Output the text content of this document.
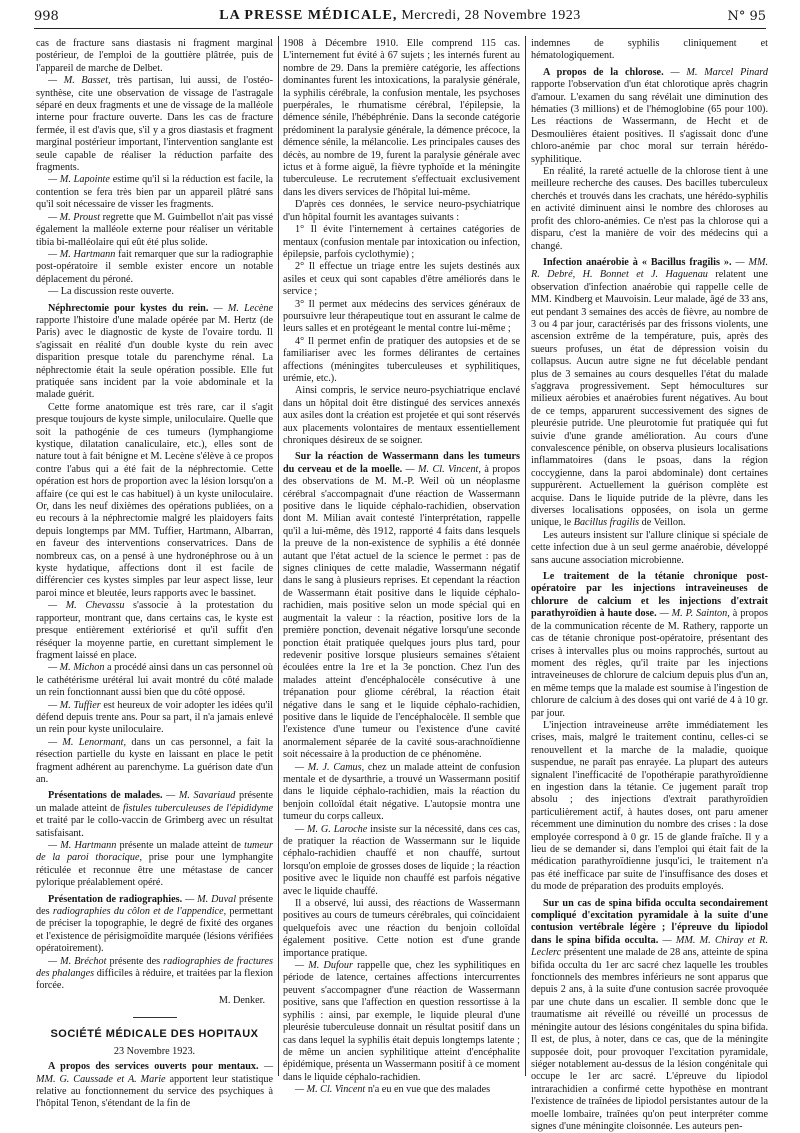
998	LA PRESSE MÉDICALE, Mercredi, 28 Novembre 1923	N° 95

cas de fracture sans diastasis ni fragment marginal postérieur, de l'emploi de la gouttière plâtrée, puis de l'appareil de marche de Delbet.

— M. Basset, très partisan, lui aussi, de l'ostéo-synthèse, cite une observation de vissage de l'astragale séparé en deux fragments et une de vissage de la malléole interne pour fracture ouverte. Dans les cas de fracture fermée, il est d'avis que, s'il y a gros diastasis et fragment marginal postérieur important, l'intervention sanglante est seule capable de réaliser la réduction parfaite des fragments.

— M. Lapointe estime qu'il si la réduction est facile, la contention se fera très bien par un appareil plâtré sans qu'il soit nécessaire de visser les fragments.

— M. Proust regrette que M. Guimbellot n'ait pas vissé également la malléole externe pour réaliser un véritable tibia bi-malléolaire qui eût été plus solide.

— M. Hartmann fait remarquer que sur la radiographie post-opératoire il semble exister encore un notable déplacement du péroné.

— La discussion reste ouverte.

Néphrectomie pour kystes du rein. — M. Lecène rapporte l'histoire d'une malade opérée par M. Hertz (de Paris) avec le diagnostic de kyste de l'ovaire tordu. Il s'agissait en réalité d'un double kyste du rein avec disparition presque totale du parenchyme rénal. La néphrectomie était la seule opération possible. Elle fut pratiquée sans incident par la voie abdominale et la malade guérit.

Cette forme anatomique est très rare, car il s'agit presque toujours de kyste simple, uniloculaire. Quelle que soit la pathogénie de ces tumeurs (lymphangiome kystique, dilatation canaliculaire, etc.), elles sont de nature tout à fait bénigne et M. Lecène s'élève à ce propos contre l'abus qui a été fait de la néphrectomie. Cette opération est hors de proportion avec la lésion lorsqu'on a affaire (ce qui est le cas habituel) à un kyste uniloculaire. Or, dans les neuf dixièmes des opérations publiées, on a eu recours à la néphrectomie malgré les plaidoyers faits depuis longtemps par MM. Tuffier, Hartmann, Albarran, en faveur des interventions conservatrices. Dans de nombreux cas, on a pensé à une hydronéphrose ou à un kyste hydatique, affections dont il est facile de différencier ces kystes simples par leur aspect lisse, leur paroi mince et bleutée, leurs rapports avec le bassinet.

— M. Chevassu s'associe à la protestation du rapporteur, montrant que, dans certains cas, le kyste est presque entièrement extériorisé et qu'il suffit d'en réséquer la moyenne partie, en curettant simplement le fragment laissé en place.

— M. Michon a procédé ainsi dans un cas personnel où le cathétérisme urétéral lui avait montré du côté malade un rein fonctionnant aussi bien que du côté opposé.

— M. Tuffier est heureux de voir adopter les idées qu'il défend depuis trente ans. Pour sa part, il n'a jamais enlevé un rein pour kyste uniloculaire.

— M. Lenormant, dans un cas personnel, a fait la résection partielle du kyste en laissant en place le petit fragment adhérent au parenchyme. La guérison date d'un an.

Présentations de malades. — M. Savariaud présente un malade atteint de fistules tuberculeuses de l'épididyme et traité par le collo-vaccin de Grimberg avec un résultat satisfaisant.

— M. Hartmann présente un malade atteint de tumeur de la paroi thoracique, prise pour une lymphangite réticulée et reconnue être une métastase de cancer pylorique préalablement opéré.

Présentation de radiographies. — M. Duval présente des radiographies du côlon et de l'appendice, permettant de préciser la topographie, le degré de fixité des organes et l'existence de périsigmoïdite marquée (lésions vérifiées opératoirement).

— M. Bréchot présente des radiographies de fractures des phalanges difficiles à réduire, et traitées par la flexion forcée.

M. Denker.

SOCIÉTÉ MÉDICALE DES HOPITAUX
23 Novembre 1923.

A propos des services ouverts pour mentaux. — MM. G. Caussade et A. Marie apportent leur statistique relative au fonctionnement du service des psychiques à l'hôpital Tenon, s'étendant de la fin de

1908 à Décembre 1910. Elle comprend 115 cas. L'internement fut évité à 67 sujets ; les internés furent au nombre de 29. Dans la première catégorie, les affections dominantes furent les intoxications, la paralysie générale, la syphilis cérébrale, la confusion mentale, les psychoses puerpérales, le rhumatisme cérébral, l'épilepsie, la démence sénile, l'hébéphrénie. Dans la seconde catégorie prédominent la paralysie générale, la démence précoce, la démence sénile, la mélancolie. Les principales causes des décès, au nombre de 19, furent la paralysie générale avec ictus et à forme aiguë, la fièvre typhoïde et la méningite tuberculeuse. Le recrutement s'effectuait exclusivement dans les divers services de l'hôpital lui-même.

D'après ces données, le service neuro-psychiatrique d'un hôpital fournit les avantages suivants :

1° Il évite l'internement à certaines catégories de mentaux (confusion mentale par intoxication ou infection, épilepsie, parfois cyclothymie) ;

2° Il effectue un triage entre les sujets destinés aux asiles et ceux qui sont capables d'être améliorés dans le service ;

3° Il permet aux médecins des services généraux de poursuivre leur thérapeutique tout en assurant le calme de leurs salles et en protégeant le mental contre lui-même ;

4° Il permet enfin de pratiquer des autopsies et de se familiariser avec les formes délirantes de certaines affections (méningites tuberculeuses et syphilitiques, urémie, etc.).

Ainsi compris, le service neuro-psychiatrique enclavé dans un hôpital doit être distingué des services annexés aux asiles dont la création est projetée et qui sont réservés aux placements volontaires de mentaux essentiellement chroniques désireux de se soigner.

Sur la réaction de Wassermann dans les tumeurs du cerveau et de la moelle. — M. Cl. Vincent, à propos des observations de M. M.-P. Weil où un néoplasme cérébral s'accompagnait d'une réaction de Wassermann positive dans le liquide céphalo-rachidien, observation dont M. Milian avait contesté l'interprétation, rappelle qu'il a lui-même, dès 1912, rapporté 4 faits dans lesquels la preuve de la non-existence de syphilis a été donnée autant que l'état actuel de la science le permet : pas de signes cliniques de cette maladie, Wassermann négatif dans le sang à plusieurs reprises. Et cependant la réaction de Wassermann était positive dans le liquide céphalo-rachidien, mais positive selon un mode spécial qui en augmentait la valeur : la réaction, positive lors de la première ponction, devenait négative lorsqu'une seconde ponction était pratiquée quelques jours plus tard, pour redevenir positive lorsque plusieurs semaines s'étaient écoulées entre la 1re et la 3e ponction. Chez l'un des malades atteint d'encéphalocèle consécutive à une trépanation pour gliome cérébral, la réaction était négative dans le sang et le liquide céphalo-rachidien, positive dans le liquide de l'encéphalocèle. Il semble que l'existence d'une tumeur ou l'existence d'une cavité anormalement séparée de la cavité sous-arachnoïdienne soit nécessaire à la production de ce phénomène.

— M. J. Camus, chez un malade atteint de confusion mentale et de dysarthrie, a trouvé un Wassermann positif dans le liquide céphalo-rachidien, mais la réaction du benjoin colloïdal était négative. L'autopsie montra une tumeur du corps calleux.

— M. G. Laroche insiste sur la nécessité, dans ces cas, de pratiquer la réaction de Wassermann sur le liquide céphalo-rachidien chauffé et non chauffé, surtout lorsqu'on emploie de grosses doses de liquide ; la réaction positive avec le liquide non chauffé est parfois négative avec le liquide chauffé.

Il a observé, lui aussi, des réactions de Wassermann positives au cours de tumeurs cérébrales, qui coïncidaient quelquefois avec une réaction du benjoin colloïdal également positive. Cette notion est d'une grande importance pratique.

— M. Dufour rappelle que, chez les syphilitiques en période de latence, certaines affections intercurrentes peuvent s'accompagner d'une réaction de Wassermann positive, sans que l'affection en question ressortisse à la syphilis : ainsi, par exemple, le liquide pleural d'une pleurésie tuberculeuse donnait un résultat positif dans un cas dans lequel la syphilis était depuis longtemps latente ; de même un ancien syphilitique atteint d'encéphalite épidémique, présenta un Wassermann positif à ce moment dans le liquide céphalo-rachidien.

— M. Cl. Vincent n'a eu en vue que des malades

indemnes de syphilis cliniquement et hématologiquement.

A propos de la chlorose. — M. Marcel Pinard rapporte l'observation d'un état chlorotique après chagrin d'amour. L'examen du sang révélait une diminution des hématies (3 millions) et de l'hémoglobine (65 pour 100). Les réactions de Wassermann, de Hecht et de Desmoulières étaient positives. Il s'agissait donc d'une chloro-anémie par choc moral sur terrain hérédo-syphilitique.

En réalité, la rareté actuelle de la chlorose tient à une meilleure recherche des causes. Des bacilles tuberculeux cherchés et trouvés dans les crachats, une hérédo-syphilis en activité diminuent ainsi le nombre des chloroses au profit des chloro-anémies. Ce n'est pas la chlorose qui a disparu, c'est la manière de voir des médecins qui a changé.

Infection anaérobie à « Bacillus fragilis ». — MM. R. Debré, H. Bonnet et J. Haguenau relatent une observation d'infection anaérobie qui rappelle celle de MM. Kindberg et Mauvoisin. Leur malade, âgé de 33 ans, eut pendant 3 semaines des accès de fièvre, au nombre de 3 ou 4 par jour, caractérisés par des frissons violents, une ascension extrême de la température, puis, après des sueurs profuses, un état de dépression voisin du collapsus. Aucun autre signe ne fut décelable pendant plus de 3 semaines au cours desquelles l'état du malade s'aggrava progressivement. Sept hémocultures sur milieux aérobies et anaérobies furent négatives. Au bout de ce temps, apparurent successivement des signes de pleurésie putride. Une pleurotomie fut pratiquée qui fut suivie d'une grande amélioration. Au cours d'une convalescence pénible, on observa plusieurs localisations inflammatoires (dans le psoas, dans la région coccygienne, dans la paroi abdominale) dont certaines suppurèrent. Actuellement la guérison complète est acquise. Dans le liquide putride de la plèvre, dans les diverses localisations opposées, on isola un germe unique, le Bacillus fragilis de Veillon.

Les auteurs insistent sur l'allure clinique si spéciale de cette infection due à un seul germe anaérobie, développé sans aucune association microbienne.

Le traitement de la tétanie chronique post-opératoire par les injections intraveineuses de chlorure de calcium et les injections d'extrait parathyroïdien à haute dose. — M. P. Sainton, à propos de la communication récente de M. Rathery, rapporte un cas de tétanie chronique post-opératoire, présentant des crises à intervalles plus ou moins rapprochés, surtout au moment des règles, qu'il traite par les injections intraveineuses de chlorure de calcium depuis plus d'un an, en même temps que la malade est soumise à l'ingestion de chlorure de calcium à des doses qui ont varié de 4 à 10 gr. par jour.

L'injection intraveineuse arrête immédiatement les crises, mais, malgré le traitement continu, celles-ci se renouvellent et la marche de la maladie, quoique suspendue, ne paraît pas enrayée. La plupart des auteurs signalent l'inefficacité de l'opothérapie parathyroïdienne en ingestion dans la tétanie. Ce jugement paraît trop absolu ; des injections d'extrait parathyroïdien particulièrement actif, à hautes doses, ont paru amener récemment une diminution du nombre des crises : la dose employée correspond à 0 gr. 15 de glande fraîche. Il y a lieu de se demander si, dans l'emploi qui était fait de la médication parathyroïdienne jusqu'ici, le traitement n'a pas été inefficace par suite de l'insuffisance des doses et du mode de préparation des produits employés.

Sur un cas de spina bifida occulta secondairement compliqué d'excitation pyramidale à la suite d'une contusion vertébrale légère ; l'épreuve du lipiodol dans le spina bifida occulta. — MM. M. Chiray et R. Leclerc présentent une malade de 28 ans, atteinte de spina bifida occulta du 1er arc sacré chez laquelle les troubles fonctionnels des membres inférieurs ne sont apparus que depuis 2 ans, à la suite d'une contusion sacrée provoquée par une chute dans un escalier. Il semble donc que le traumatisme ait réveillé ou réveillé un processus de méningite autour des lésions congénitales du spina bifida. Il est, de plus, à noter, dans ce cas, que de la méningite supposée doit, pour provoquer l'excitation pyramidale, siéger notablement au-dessus de la lésion congénitale qui occupe le 1er arc sacré. L'épreuve du lipiodol intrarachidien a confirmé cette hypothèse en montrant l'existence de traînées de lipiodol persistantes autour de la moelle lombaire, traînées qu'on peut interpréter comme signes d'une méningite cloisonnée. Les auteurs pen-
